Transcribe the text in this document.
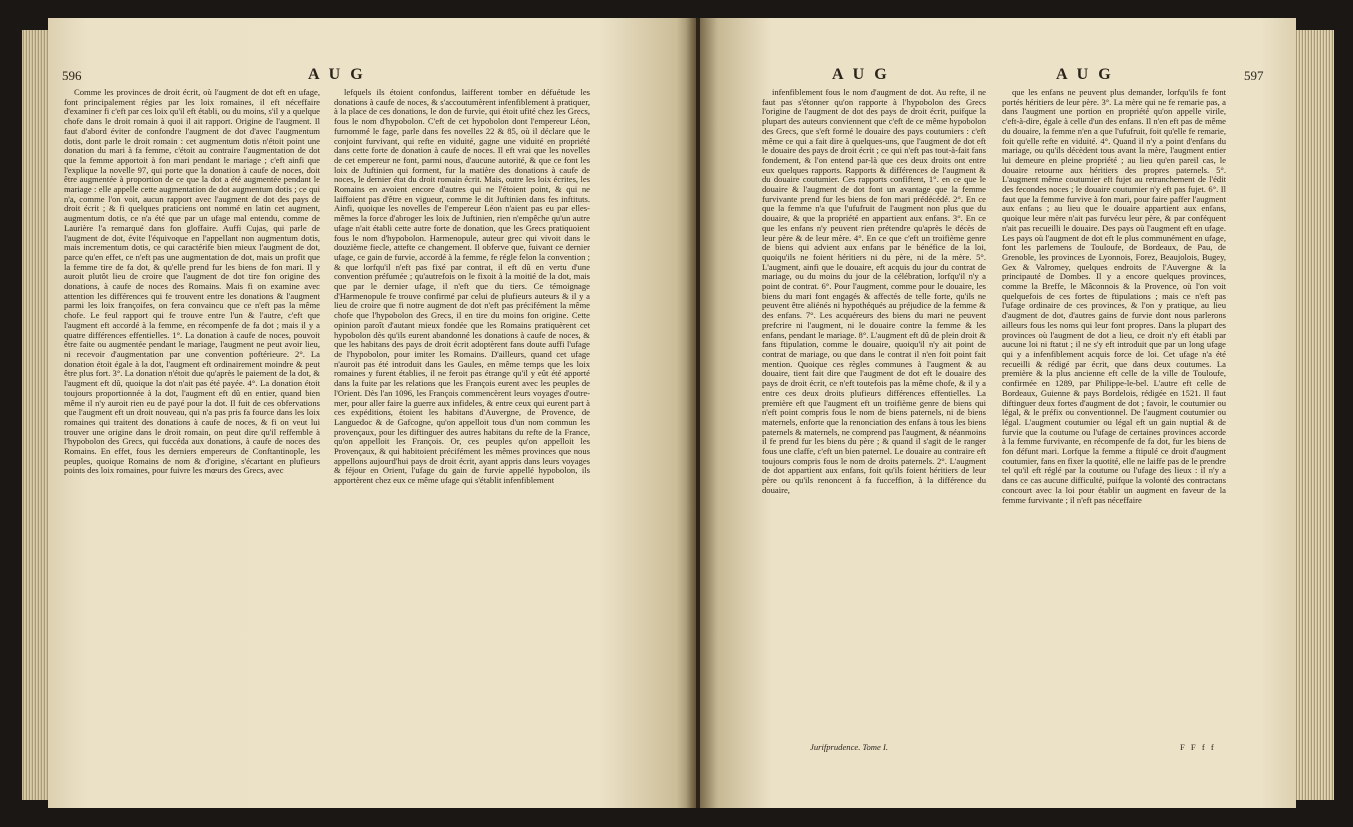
596	A U G

Comme les provinces de droit écrit, où l'augment de dot eft en ufage, font principalement régies par les loix romaines, il eft néceffaire d'examiner fi c'eft par ces loix qu'il eft établi, ou du moins, s'il y a quelque chofe dans le droit romain à quoi il ait rapport. Origine de l'augment. Il faut d'abord éviter de confondre l'augment de dot d'avec l'augmentum dotis, dont parle le droit romain : cet augmentum dotis n'étoit point une donation du mari à fa femme, c'étoit au contraire l'augmentation de dot que la femme apportoit à fon mari pendant le mariage ; c'eft ainfi que l'explique la novelle 97, qui porte que la donation à caufe de noces, doit être augmentée à proportion de ce que la dot a été augmentée pendant le mariage : elle appelle cette augmentation de dot augmentum dotis ; ce qui n'a, comme l'on voit, aucun rapport avec l'augment de dot des pays de droit écrit ; & fi quelques praticiens ont nommé en latin cet augment, augmentum dotis, ce n'a été que par un ufage mal entendu, comme de Laurière l'a remarqué dans fon gloffaire. Auffi Cujas, qui parle de l'augment de dot, évite l'équivoque en l'appellant non augmentum dotis, mais incrementum dotis, ce qui caractérife bien mieux l'augment de dot, parce qu'en effet, ce n'eft pas une augmentation de dot, mais un profit que la femme tire de fa dot, & qu'elle prend fur les biens de fon mari. Il y auroit plutôt lieu de croire que l'augment de dot tire fon origine des donations, à caufe de noces des Romains. Mais fi on examine avec attention les différences qui fe trouvent entre les donations & l'augment parmi les loix françoifes, on fera convaincu que ce n'eft pas la même chofe. Le feul rapport qui fe trouve entre l'un & l'autre, c'eft que l'augment eft accordé à la femme, en récompenfe de fa dot ; mais il y a quatre différences effentielles. 1°. La donation à caufe de noces, pouvoit être faite ou augmentée pendant le mariage, l'augment ne peut avoir lieu, ni recevoir d'augmentation par une convention poftérieure. 2°. La donation étoit égale à la dot, l'augment eft ordinairement moindre & peut être plus fort. 3°. La donation n'étoit due qu'après le paiement de la dot, & l'augment eft dû, quoique la dot n'ait pas été payée. 4°. La donation étoit toujours proportionnée à la dot, l'augment eft dû en entier, quand bien même il n'y auroit rien eu de payé pour la dot. Il fuit de ces obfervations que l'augment eft un droit nouveau, qui n'a pas pris fa fource dans les loix romaines qui traitent des donations à caufe de noces, & fi on veut lui trouver une origine dans le droit romain, on peut dire qu'il reffemble à l'hypobolon des Grecs, qui fuccéda aux donations, à caufe de noces des Romains. En effet, fous les derniers empereurs de Conftantinople, les peuples, quoique Romains de nom & d'origine, s'écartant en plufieurs points des loix romaines, pour fuivre les mœurs des Grecs, avec

lefquels ils étoient confondus, laifferent tomber en défuétude les donations à caufe de noces, & s'accoutumèrent infenfiblement à pratiquer, à la place de ces donations, le don de furvie, qui étoit ufité chez les Grecs, fous le nom d'hypobolon. C'eft de cet hypobolon dont l'empereur Léon, furnommé le fage, parle dans fes novelles 22 & 85, où il déclare que le conjoint furvivant, qui refte en viduité, gagne une viduité en propriété dans cette forte de donation à caufe de noces. Il eft vrai que les novelles de cet empereur ne font, parmi nous, d'aucune autorité, & que ce font les loix de Juftinien qui forment, fur la matière des donations à caufe de noces, le dernier état du droit romain écrit. Mais, outre les loix écrites, les Romains en avoient encore d'autres qui ne l'étoient point, & qui ne laiffoient pas d'être en vigueur, comme le dit Juftinien dans fes inftituts. Ainfi, quoique les novelles de l'empereur Léon n'aient pas eu par elles-mêmes la force d'abroger les loix de Juftinien, rien n'empêche qu'un autre ufage n'ait établi cette autre forte de donation, que les Grecs pratiquoient fous le nom d'hypobolon. Harmenopule, auteur grec qui vivoit dans le douzième fiecle, attefte ce changement. Il obferve que, fuivant ce dernier ufage, ce gain de furvie, accordé à la femme, fe régle felon la convention ; & que lorfqu'il n'eft pas fixé par contrat, il eft dû en vertu d'une convention préfumée ; qu'autrefois on le fixoit à la moitié de la dot, mais que par le dernier ufage, il n'eft que du tiers. Ce témoignage d'Harmenopule fe trouve confirmé par celui de plufieurs auteurs & il y a lieu de croire que fi notre augment de dot n'eft pas précifément la même chofe que l'hypobolon des Grecs, il en tire du moins fon origine. Cette opinion paroît d'autant mieux fondée que les Romains pratiquèrent cet hypobolon dès qu'ils eurent abandonné les donations à caufe de noces, & que les habitans des pays de droit écrit adoptèrent fans doute auffi l'ufage de l'hypobolon, pour imiter les Romains. D'ailleurs, quand cet ufage n'auroit pas été introduit dans les Gaules, en même temps que les loix romaines y furent établies, il ne feroit pas étrange qu'il y eût été apporté dans la fuite par les relations que les François eurent avec les peuples de l'Orient. Dès l'an 1096, les François commencèrent leurs voyages d'outre-mer, pour aller faire la guerre aux infideles, & entre ceux qui eurent part à ces expéditions, étoient les habitans d'Auvergne, de Provence, de Languedoc & de Gafcogne, qu'on appelloit tous d'un nom commun les provençaux, pour les diftinguer des autres habitans du refte de la France, qu'on appelloit les François. Or, ces peuples qu'on appelloit les Provençaux, & qui habitoient précifément les mêmes provinces que nous appellons aujourd'hui pays de droit écrit, ayant appris dans leurs voyages & féjour en Orient, l'ufage du gain de furvie appellé hypobolon, ils apportèrent chez eux ce même ufage qui s'établit infenfiblement

A U G	A U G	597

infenfiblement fous le nom d'augment de dot. Au refte, il ne faut pas s'étonner qu'on rapporte à l'hypobolon des Grecs l'origine de l'augment de dot des pays de droit écrit, puifque la plupart des auteurs conviennent que c'eft de ce même hypobolon des Grecs, que s'eft formé le douaire des pays coutumiers : c'eft même ce qui a fait dire à quelques-uns, que l'augment de dot eft le douaire des pays de droit écrit ; ce qui n'eft pas tout-à-fait fans fondement, & l'on entend par-là que ces deux droits ont entre eux quelques rapports. Rapports & différences de l'augment & du douaire coutumier. Ces rapports confiftent, 1°. en ce que le douaire & l'augment de dot font un avantage que la femme furvivante prend fur les biens de fon mari prédécédé. 2°. En ce que la femme n'a que l'ufufruit de l'augment non plus que du douaire, & que la propriété en appartient aux enfans. 3°. En ce que les enfans n'y peuvent rien prétendre qu'après le décès de leur père & de leur mère. 4°. En ce que c'eft un troifième genre de biens qui advient aux enfans par le bénéfice de la loi, quoiqu'ils ne foient héritiers ni du père, ni de la mère. 5°. L'augment, ainfi que le douaire, eft acquis du jour du contrat de mariage, ou du moins du jour de la célébration, lorfqu'il n'y a point de contrat. 6°. Pour l'augment, comme pour le douaire, les biens du mari font engagés & affectés de telle forte, qu'ils ne peuvent être aliénés ni hypothéqués au préjudice de la femme & des enfans. 7°. Les acquéreurs des biens du mari ne peuvent prefcrire ni l'augment, ni le douaire contre la femme & les enfans, pendant le mariage. 8°. L'augment eft dû de plein droit & fans ftipulation, comme le douaire, quoiqu'il n'y ait point de contrat de mariage, ou que dans le contrat il n'en foit point fait mention. Quoique ces règles communes à l'augment & au douaire, tient fait dire que l'augment de dot eft le douaire des pays de droit écrit, ce n'eft toutefois pas la même chofe, & il y a entre ces deux droits plufieurs différences effentielles. La première eft que l'augment eft un troifième genre de biens qui n'eft point compris fous le nom de biens paternels, ni de biens maternels, enforte que la renonciation des enfans à tous les biens paternels & maternels, ne comprend pas l'augment, & néanmoins il fe prend fur les biens du père ; & quand il s'agit de le ranger fous une claffe, c'eft un bien paternel. Le douaire au contraire eft toujours compris fous le nom de droits paternels. 2°. L'augment de dot appartient aux enfans, foit qu'ils foient héritiers de leur père ou qu'ils renoncent à fa fucceffion, à la différence du douaire,

que les enfans ne peuvent plus demander, lorfqu'ils fe font portés héritiers de leur père. 3°. La mère qui ne fe remarie pas, a dans l'augment une portion en propriété qu'on appelle virile, c'eft-à-dire, égale à celle d'un des enfans. Il n'en eft pas de même du douaire, la femme n'en a que l'ufufruit, foit qu'elle fe remarie, foit qu'elle refte en viduité. 4°. Quand il n'y a point d'enfans du mariage, ou qu'ils décèdent tous avant la mère, l'augment entier lui demeure en pleine propriété ; au lieu qu'en pareil cas, le douaire retourne aux héritiers des propres paternels. 5°. L'augment même coutumier eft fujet au retranchement de l'édit des fecondes noces ; le douaire coutumier n'y eft pas fujet. 6°. Il faut que la femme furvive à fon mari, pour faire paffer l'augment aux enfans ; au lieu que le douaire appartient aux enfans, quoique leur mère n'ait pas furvécu leur père, & par conféquent n'ait pas recueilli le douaire. Des pays où l'augment eft en ufage. Les pays où l'augment de dot eft le plus communément en ufage, font les parlemens de Touloufe, de Bordeaux, de Pau, de Grenoble, les provinces de Lyonnois, Forez, Beaujolois, Bugey, Gex & Valromey, quelques endroits de l'Auvergne & la principauté de Dombes. Il y a encore quelques provinces, comme la Breffe, le Mâconnois & la Provence, où l'on voit quelquefois de ces fortes de ftipulations ; mais ce n'eft pas l'ufage ordinaire de ces provinces, & l'on y pratique, au lieu d'augment de dot, d'autres gains de furvie dont nous parlerons ailleurs fous les noms qui leur font propres. Dans la plupart des provinces où l'augment de dot a lieu, ce droit n'y eft établi par aucune loi ni ftatut ; il ne s'y eft introduit que par un long ufage qui y a infenfiblement acquis force de loi. Cet ufage n'a été recueilli & rédigé par écrit, que dans deux coutumes. La première & la plus ancienne eft celle de la ville de Touloufe, confirmée en 1289, par Philippe-le-bel. L'autre eft celle de Bordeaux, Guienne & pays Bordelois, rédigée en 1521. Il faut diftinguer deux fortes d'augment de dot ; favoir, le coutumier ou légal, & le préfix ou conventionnel. De l'augment coutumier ou légal. L'augment coutumier ou légal eft un gain nuptial & de furvie que la coutume ou l'ufage de certaines provinces accorde à la femme furvivante, en récompenfe de fa dot, fur les biens de fon défunt mari. Lorfque la femme a ftipulé ce droit d'augment coutumier, fans en fixer la quotité, elle ne laiffe pas de le prendre tel qu'il eft réglé par la coutume ou l'ufage des lieux : il n'y a dans ce cas aucune difficulté, puifque la volonté des contractans concourt avec la loi pour établir un augment en faveur de la femme furvivante ; il n'eft pas néceffaire

Jurifprudence. Tome I.	F F f f
